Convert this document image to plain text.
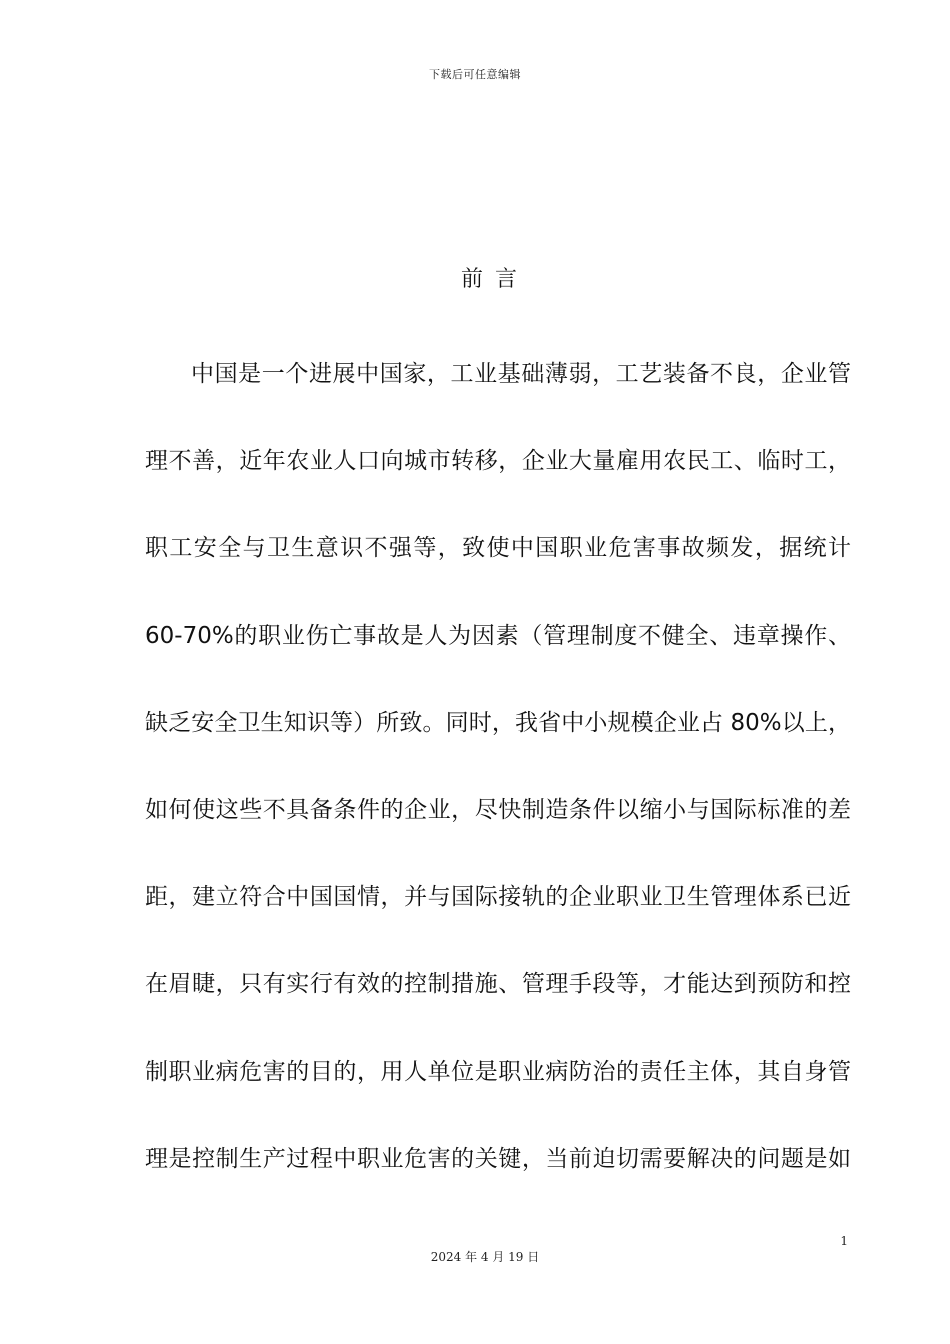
下载后可任意编辑
前言
中国是一个进展中国家，工业基础薄弱，工艺装备不良，企业管
理不善，近年农业人口向城市转移，企业大量雇用农民工、临时工，
职工安全与卫生意识不强等，致使中国职业危害事故频发，据统计
60-70%的职业伤亡事故是人为因素（管理制度不健全、违章操作、
缺乏安全卫生知识等）所致。同时，我省中小规模企业占 80%以上，
如何使这些不具备条件的企业，尽快制造条件以缩小与国际标准的差
距，建立符合中国国情，并与国际接轨的企业职业卫生管理体系已近
在眉睫，只有实行有效的控制措施、管理手段等，才能达到预防和控
制职业病危害的目的，用人单位是职业病防治的责任主体，其自身管
理是控制生产过程中职业危害的关键，当前迫切需要解决的问题是如
1
2024 年 4 月 19 日
